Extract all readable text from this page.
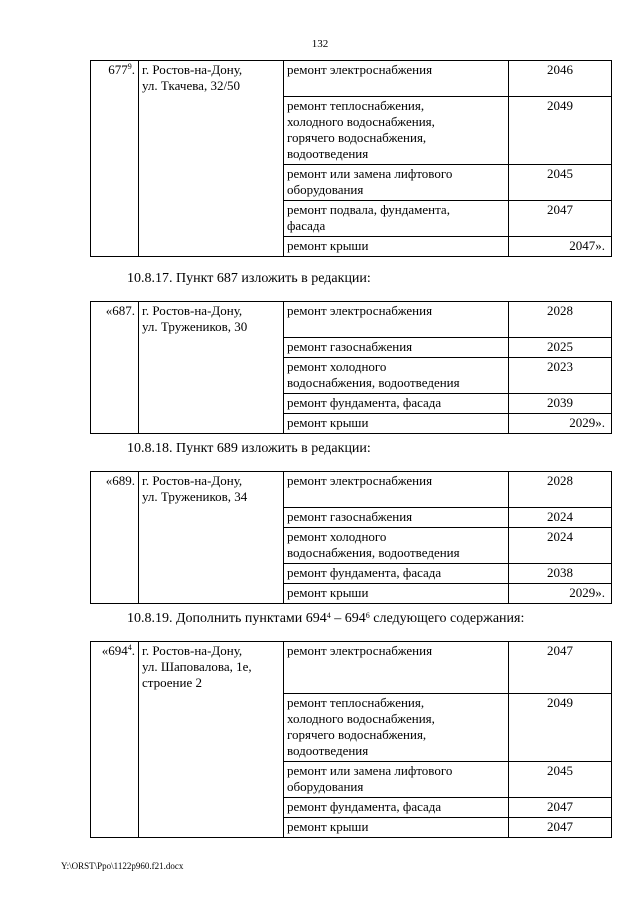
132
$677^9$.	г. Ростов-на-Дону,
ул. Ткачева, 32/50	ремонт электроснабжения	2046

		ремонт теплоснабжения,
холодного водоснабжения,
горячего водоснабжения,
водоотведения	2049

		ремонт или замена лифтового
оборудования	2045

		ремонт подвала, фундамента,
фасада	2047

		ремонт крыши	2047».
10.8.17. Пункт 687 изложить в редакции:
«687.	г. Ростов-на-Дону,
ул. Тружеников, 30	ремонт электроснабжения	2028

		ремонт газоснабжения	2025

		ремонт холодного
водоснабжения, водоотведения	2023

		ремонт фундамента, фасада	2039

		ремонт крыши	2029».
10.8.18. Пункт 689 изложить в редакции:
«689.	г. Ростов-на-Дону,
ул. Тружеников, 34	ремонт электроснабжения	2028

		ремонт газоснабжения	2024

		ремонт холодного
водоснабжения, водоотведения	2024

		ремонт фундамента, фасада	2038

		ремонт крыши	2029».
10.8.19. Дополнить пунктами $694^4 - 694^6$ следующего содержания:
«$694^4$.	г. Ростов-на-Дону,
ул. Шаповалова, 1е,
строение 2	ремонт электроснабжения	2047

		ремонт теплоснабжения,
холодного водоснабжения,
горячего водоснабжения,
водоотведения	2049

		ремонт или замена лифтового
оборудования	2045

		ремонт фундамента, фасада	2047

		ремонт крыши	2047
Y:\ORST\Ppo\1122p960.f21.docx
